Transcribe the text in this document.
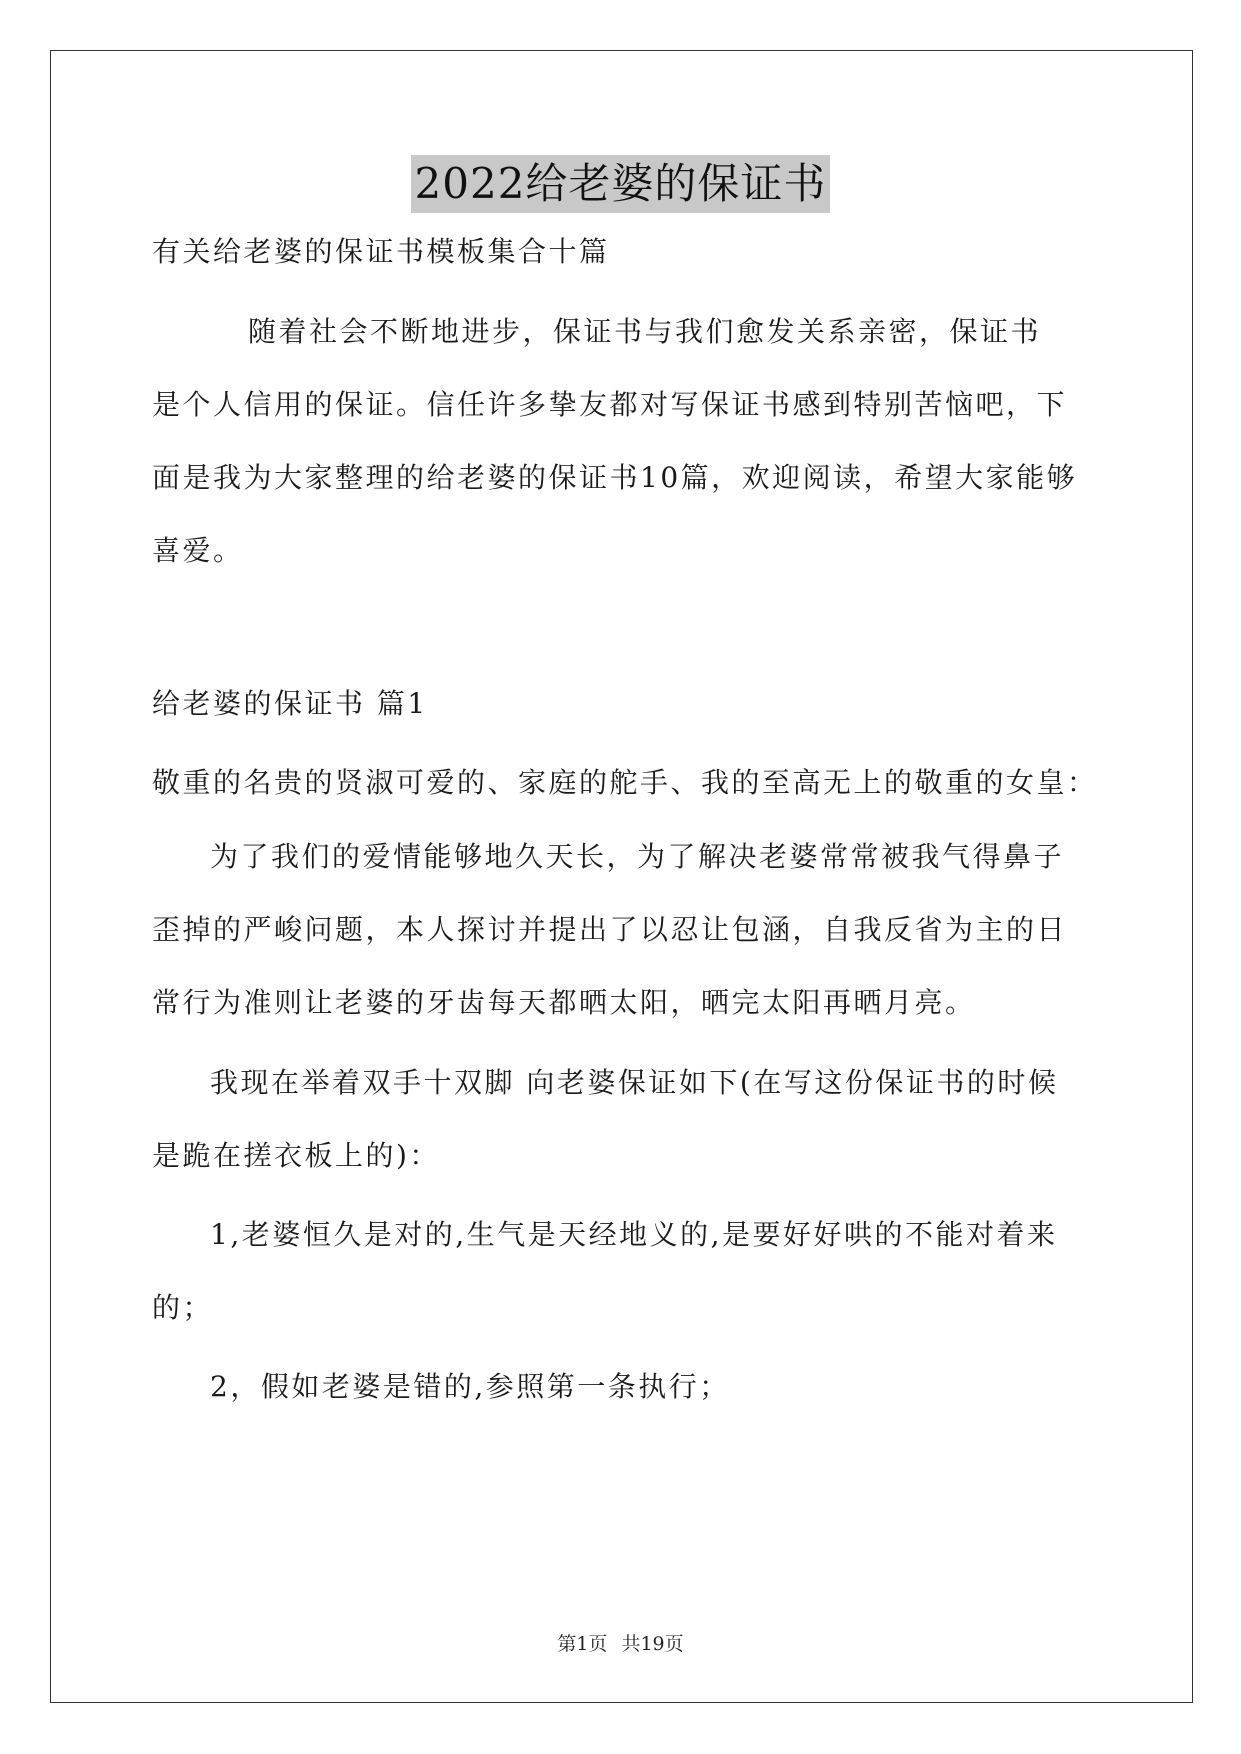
2022给老婆的保证书
有关给老婆的保证书模板集合十篇
随着社会不断地进步，保证书与我们愈发关系亲密，保证书
是个人信用的保证。信任许多挚友都对写保证书感到特别苦恼吧，下
面是我为大家整理的给老婆的保证书10篇，欢迎阅读，希望大家能够
喜爱。
给老婆的保证书 篇1
敬重的名贵的贤淑可爱的、家庭的舵手、我的至高无上的敬重的女皇：
为了我们的爱情能够地久天长，为了解决老婆常常被我气得鼻子
歪掉的严峻问题，本人探讨并提出了以忍让包涵，自我反省为主的日
常行为准则让老婆的牙齿每天都晒太阳，晒完太阳再晒月亮。
我现在举着双手十双脚 向老婆保证如下(在写这份保证书的时候
是跪在搓衣板上的)：
1,老婆恒久是对的,生气是天经地义的,是要好好哄的不能对着来
的；
2，假如老婆是错的,参照第一条执行；
第1页 共19页
